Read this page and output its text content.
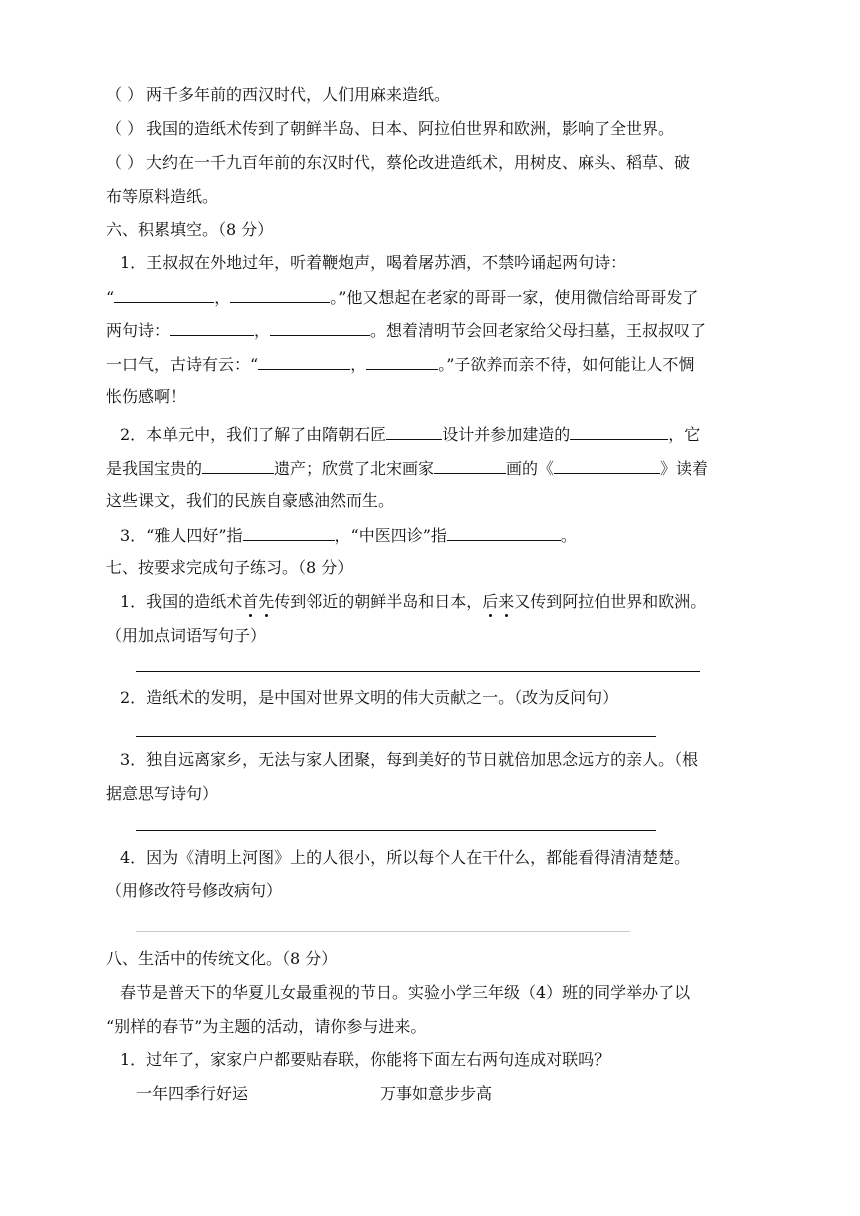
（ ） 两千多年前的西汉时代，人们用麻来造纸。
（ ） 我国的造纸术传到了朝鲜半岛、日本、阿拉伯世界和欧洲，影响了全世界。
（ ） 大约在一千九百年前的东汉时代，蔡伦改进造纸术，用树皮、麻头、稻草、破
布等原料造纸。
六、积累填空。（8 分）
1．王叔叔在外地过年，听着鞭炮声，喝着屠苏酒，不禁吟诵起两句诗：
“	，	。”他又想起在老家的哥哥一家，使用微信给哥哥发了
两句诗：	，	。想着清明节会回老家给父母扫墓，王叔叔叹了
一口气，古诗有云：“	，	。”子欲养而亲不待，如何能让人不惆
怅伤感啊！
2．本单元中，我们了解了由隋朝石匠	设计并参加建造的	，它
是我国宝贵的	遗产；欣赏了北宋画家	画的《	》读着
这些课文，我们的民族自豪感油然而生。
3．“雅人四好”指	，“中医四诊”指	。
七、按要求完成句子练习。（8 分）
1．我国的造纸术首先传到邻近的朝鲜半岛和日本，后来又传到阿拉伯世界和欧洲。
（用加点词语写句子）
2．造纸术的发明，是中国对世界文明的伟大贡献之一。（改为反问句）
3．独自远离家乡，无法与家人团聚，每到美好的节日就倍加思念远方的亲人。（根
据意思写诗句）
4．因为《清明上河图》上的人很小，所以每个人在干什么，都能看得清清楚楚。
（用修改符号修改病句）
八、生活中的传统文化。（8 分）
春节是普天下的华夏儿女最重视的节日。实验小学三年级（4）班的同学举办了以
“别样的春节”为主题的活动，请你参与进来。
1．过年了，家家户户都要贴春联，你能将下面左右两句连成对联吗？
一年四季行好运	万事如意步步高
